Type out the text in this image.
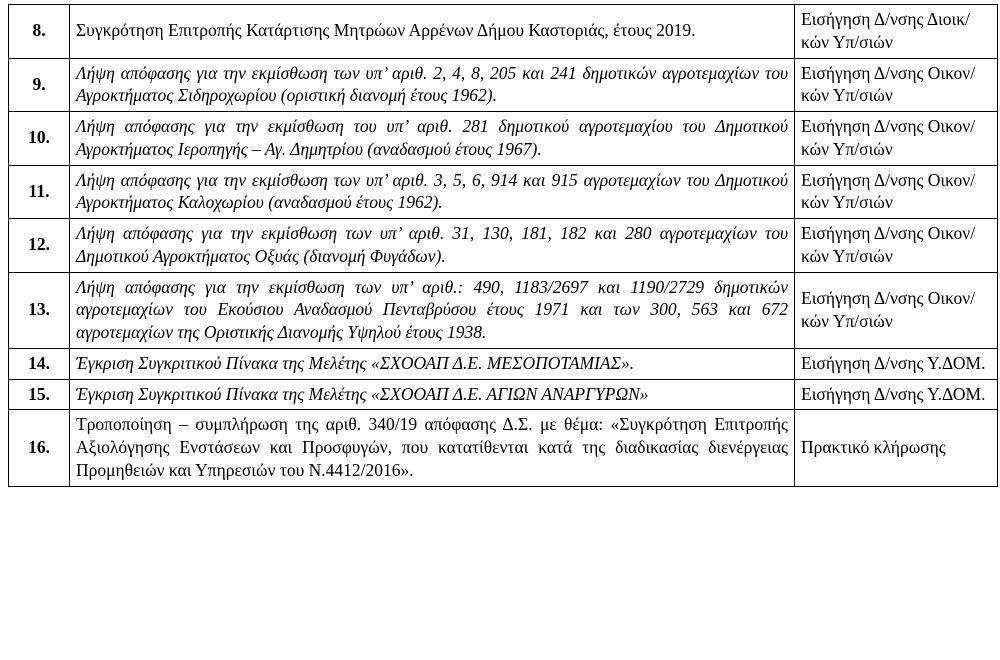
8.	Συγκρότηση Επιτροπής Κατάρτισης Μητρώων Αρρένων Δήμου Καστοριάς, έτους 2019.	Εισήγηση Δ/νσης Διοικ/κών Υπ/σιών

9.	Λήψη απόφασης για την εκμίσθωση των υπ’ αριθ. 2, 4, 8, 205 και 241 δημοτικών αγροτεμαχίων του Αγροκτήματος Σιδηροχωρίου (οριστική διανομή έτους 1962).	Εισήγηση Δ/νσης Οικον/κών Υπ/σιών

10.	Λήψη απόφασης για την εκμίσθωση του υπ’ αριθ. 281 δημοτικού αγροτεμαχίου του Δημοτικού Αγροκτήματος Ιεροπηγής – Αγ. Δημητρίου (αναδασμού έτους 1967).	Εισήγηση Δ/νσης Οικον/κών Υπ/σιών

11.	Λήψη απόφασης για την εκμίσθωση των υπ’ αριθ. 3, 5, 6, 914 και 915 αγροτεμαχίων του Δημοτικού Αγροκτήματος Καλοχωρίου (αναδασμού έτους 1962).	Εισήγηση Δ/νσης Οικον/κών Υπ/σιών

12.	Λήψη απόφασης για την εκμίσθωση των υπ’ αριθ. 31, 130, 181, 182 και 280 αγροτεμαχίων του Δημοτικού Αγροκτήματος Οξυάς (διανομή Φυγάδων).	Εισήγηση Δ/νσης Οικον/κών Υπ/σιών

13.	Λήψη απόφασης για την εκμίσθωση των υπ’ αριθ.: 490, 1183/2697 και 1190/2729 δημοτικών αγροτεμαχίων του Εκούσιου Αναδασμού Πενταβρύσου έτους 1971 και των 300, 563 και 672 αγροτεμαχίων της Οριστικής Διανομής Υψηλού έτους 1938.	Εισήγηση Δ/νσης Οικον/κών Υπ/σιών

14.	Έγκριση Συγκριτικού Πίνακα της Μελέτης «ΣΧΟΟΑΠ Δ.Ε. ΜΕΣΟΠΟΤΑΜΙΑΣ».	Εισήγηση Δ/νσης Υ.ΔΟΜ.

15.	Έγκριση Συγκριτικού Πίνακα της Μελέτης «ΣΧΟΟΑΠ Δ.Ε. ΑΓΙΩΝ ΑΝΑΡΓΥΡΩΝ»	Εισήγηση Δ/νσης Υ.ΔΟΜ.

16.	Τροποποίηση – συμπλήρωση της αριθ. 340/19 απόφασης Δ.Σ. με θέμα: «Συγκρότηση Επιτροπής Αξιολόγησης Ενστάσεων και Προσφυγών, που κατατίθενται κατά της διαδικασίας διενέργειας Προμηθειών και Υπηρεσιών του Ν.4412/2016».	Πρακτικό κλήρωσης
